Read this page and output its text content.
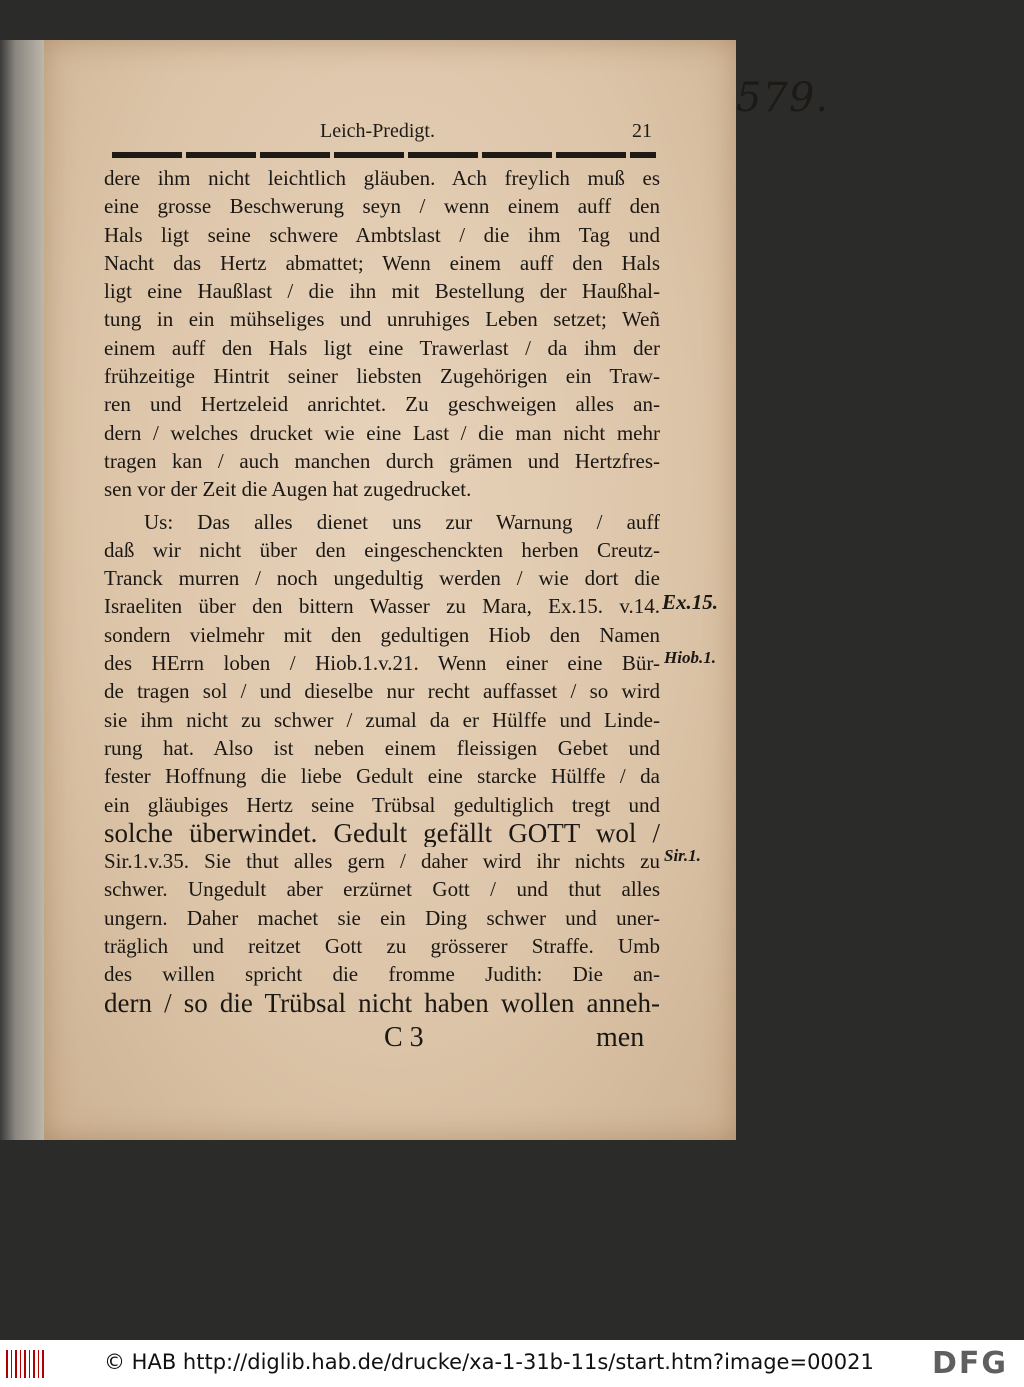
579.
Leich-Predigt.	21
dere ihm nicht leichtlich gläuben. Ach freylich muß es
eine grosse Beschwerung seyn / wenn einem auff den
Hals ligt seine schwere Ambtslast / die ihm Tag und
Nacht das Hertz abmattet; Wenn einem auff den Hals
ligt eine Haußlast / die ihn mit Bestellung der Haußhal-
tung in ein mühseliges und unruhiges Leben setzet; Weñ
einem auff den Hals ligt eine Trawerlast / da ihm der
frühzeitige Hintrit seiner liebsten Zugehörigen ein Traw-
ren und Hertzeleid anrichtet. Zu geschweigen alles an-
dern / welches drucket wie eine Last / die man nicht mehr
tragen kan / auch manchen durch grämen und Hertzfres-
sen vor der Zeit die Augen hat zugedrucket.
Us: Das alles dienet uns zur Warnung / auff
daß wir nicht über den eingeschenckten herben Creutz-
Tranck murren / noch ungedultig werden / wie dort die
Israeliten über den bittern Wasser zu Mara, Ex.15. v.14.
sondern vielmehr mit den gedultigen Hiob den Namen
des HErrn loben / Hiob.1.v.21. Wenn einer eine Bür-
de tragen sol / und dieselbe nur recht auffasset / so wird
sie ihm nicht zu schwer / zumal da er Hülffe und Linde-
rung hat. Also ist neben einem fleissigen Gebet und
fester Hoffnung die liebe Gedult eine starcke Hülffe / da
ein gläubiges Hertz seine Trübsal gedultiglich tregt und
solche überwindet. Gedult gefällt GOTT wol /
Sir.1.v.35. Sie thut alles gern / daher wird ihr nichts zu
schwer. Ungedult aber erzürnet Gott / und thut alles
ungern. Daher machet sie ein Ding schwer und uner-
träglich und reitzet Gott zu grösserer Straffe. Umb
des willen spricht die fromme Judith: Die an-
dern / so die Trübsal nicht haben wollen anneh-
Ex.15.
Hiob.1.
Sir.1.
C 3	men
© HAB http://diglib.hab.de/drucke/xa-1-31b-11s/start.htm?image=00021 DFG
